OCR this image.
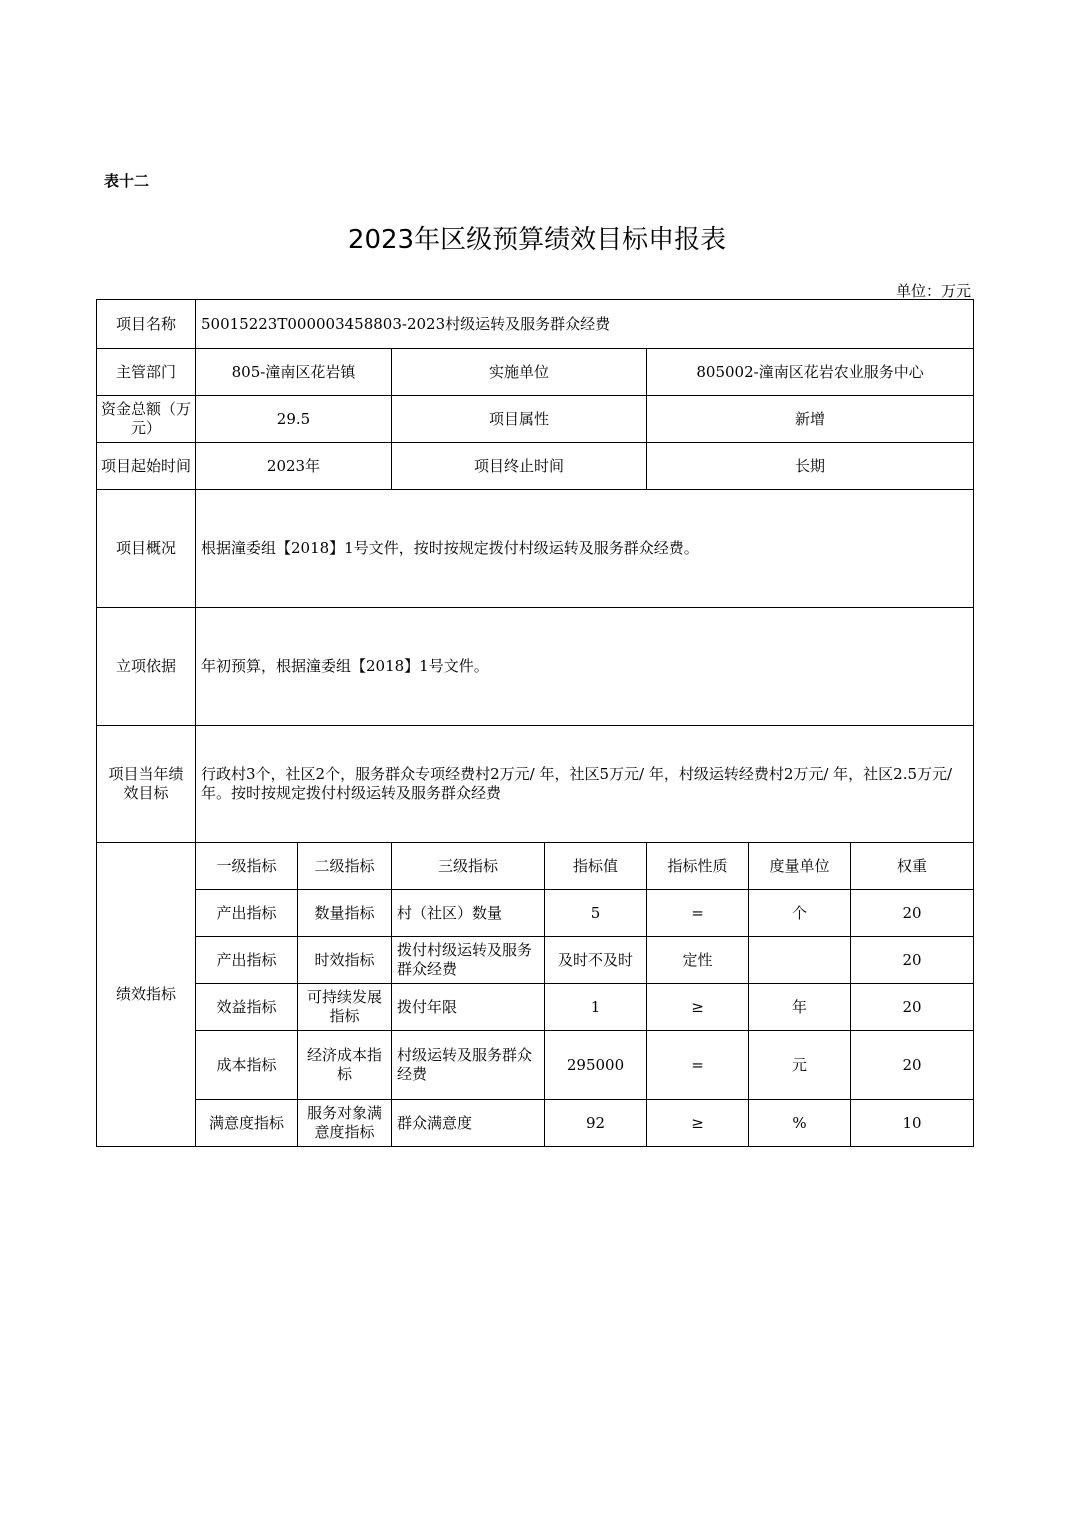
表十二
2023年区级预算绩效目标申报表
单位：万元
项目名称	50015223T000003458803-2023村级运转及服务群众经费						
主管部门	805-潼南区花岩镇		实施单位		805002-潼南区花岩农业服务中心		
资金总额（万元）	29.5		项目属性		新增		
项目起始时间	2023年		项目终止时间		长期		
项目概况	根据潼委组【2018】1号文件，按时按规定拨付村级运转及服务群众经费。						
立项依据	年初预算，根据潼委组【2018】1号文件。						
项目当年绩效目标	行政村3个，社区2个，服务群众专项经费村2万元/ 年，社区5万元/ 年，村级运转经费村2万元/ 年，社区2.5万元/ 年。按时按规定拨付村级运转及服务群众经费						
绩效指标	一级指标	二级指标	三级指标	指标值	指标性质	度量单位	权重
	产出指标	数量指标	村（社区）数量	5	=	个	20
	产出指标	时效指标	拨付村级运转及服务群众经费	及时不及时	定性		20
	效益指标	可持续发展指标	拨付年限	1	≥	年	20
	成本指标	经济成本指标	村级运转及服务群众经费	295000	=	元	20
	满意度指标	服务对象满意度指标	群众满意度	92	≥	%	10
